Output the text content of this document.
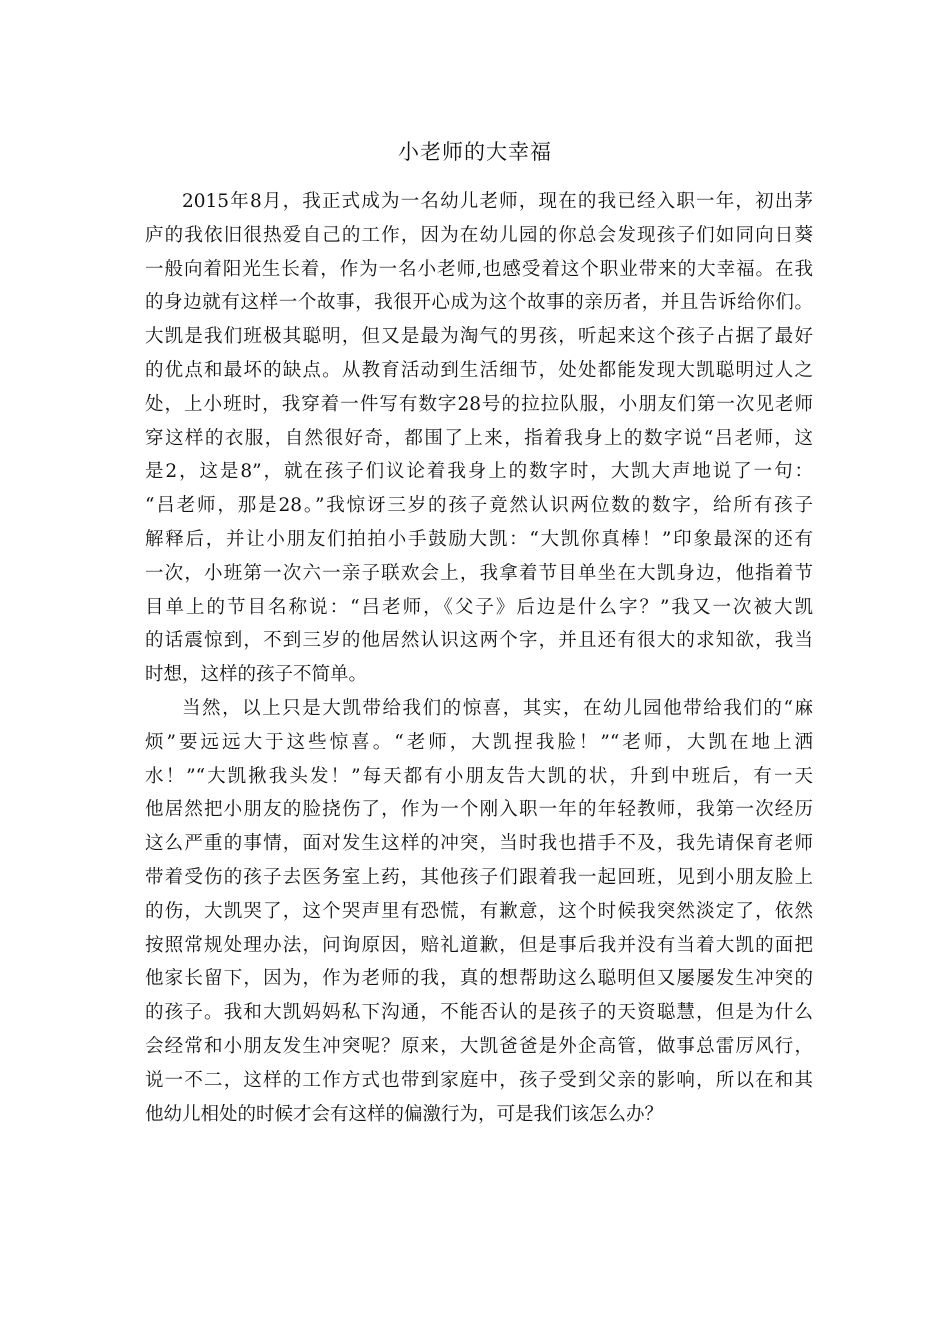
小老师的大幸福
2015年8月，我正式成为一名幼儿老师，现在的我已经入职一年，初出茅
庐的我依旧很热爱自己的工作，因为在幼儿园的你总会发现孩子们如同向日葵
一般向着阳光生长着，作为一名小老师,也感受着这个职业带来的大幸福。在我
的身边就有这样一个故事，我很开心成为这个故事的亲历者，并且告诉给你们。
大凯是我们班极其聪明，但又是最为淘气的男孩，听起来这个孩子占据了最好
的优点和最坏的缺点。从教育活动到生活细节，处处都能发现大凯聪明过人之
处，上小班时，我穿着一件写有数字28号的拉拉队服，小朋友们第一次见老师
穿这样的衣服，自然很好奇，都围了上来，指着我身上的数字说“吕老师，这
是2，这是8”，就在孩子们议论着我身上的数字时，大凯大声地说了一句：
“吕老师，那是28。”我惊讶三岁的孩子竟然认识两位数的数字，给所有孩子
解释后，并让小朋友们拍拍小手鼓励大凯：“大凯你真棒！”印象最深的还有
一次，小班第一次六一亲子联欢会上，我拿着节目单坐在大凯身边，他指着节
目单上的节目名称说：“吕老师，《父子》后边是什么字？”我又一次被大凯
的话震惊到，不到三岁的他居然认识这两个字，并且还有很大的求知欲，我当
时想，这样的孩子不简单。
当然，以上只是大凯带给我们的惊喜，其实，在幼儿园他带给我们的“麻
烦”要远远大于这些惊喜。“老师，大凯捏我脸！”“老师，大凯在地上洒
水！”“大凯揪我头发！”每天都有小朋友告大凯的状，升到中班后，有一天
他居然把小朋友的脸挠伤了，作为一个刚入职一年的年轻教师，我第一次经历
这么严重的事情，面对发生这样的冲突，当时我也措手不及，我先请保育老师
带着受伤的孩子去医务室上药，其他孩子们跟着我一起回班，见到小朋友脸上
的伤，大凯哭了，这个哭声里有恐慌，有歉意，这个时候我突然淡定了，依然
按照常规处理办法，问询原因，赔礼道歉，但是事后我并没有当着大凯的面把
他家长留下，因为，作为老师的我，真的想帮助这么聪明但又屡屡发生冲突的
的孩子。我和大凯妈妈私下沟通，不能否认的是孩子的天资聪慧，但是为什么
会经常和小朋友发生冲突呢？原来，大凯爸爸是外企高管，做事总雷厉风行，
说一不二，这样的工作方式也带到家庭中，孩子受到父亲的影响，所以在和其
他幼儿相处的时候才会有这样的偏激行为，可是我们该怎么办？
